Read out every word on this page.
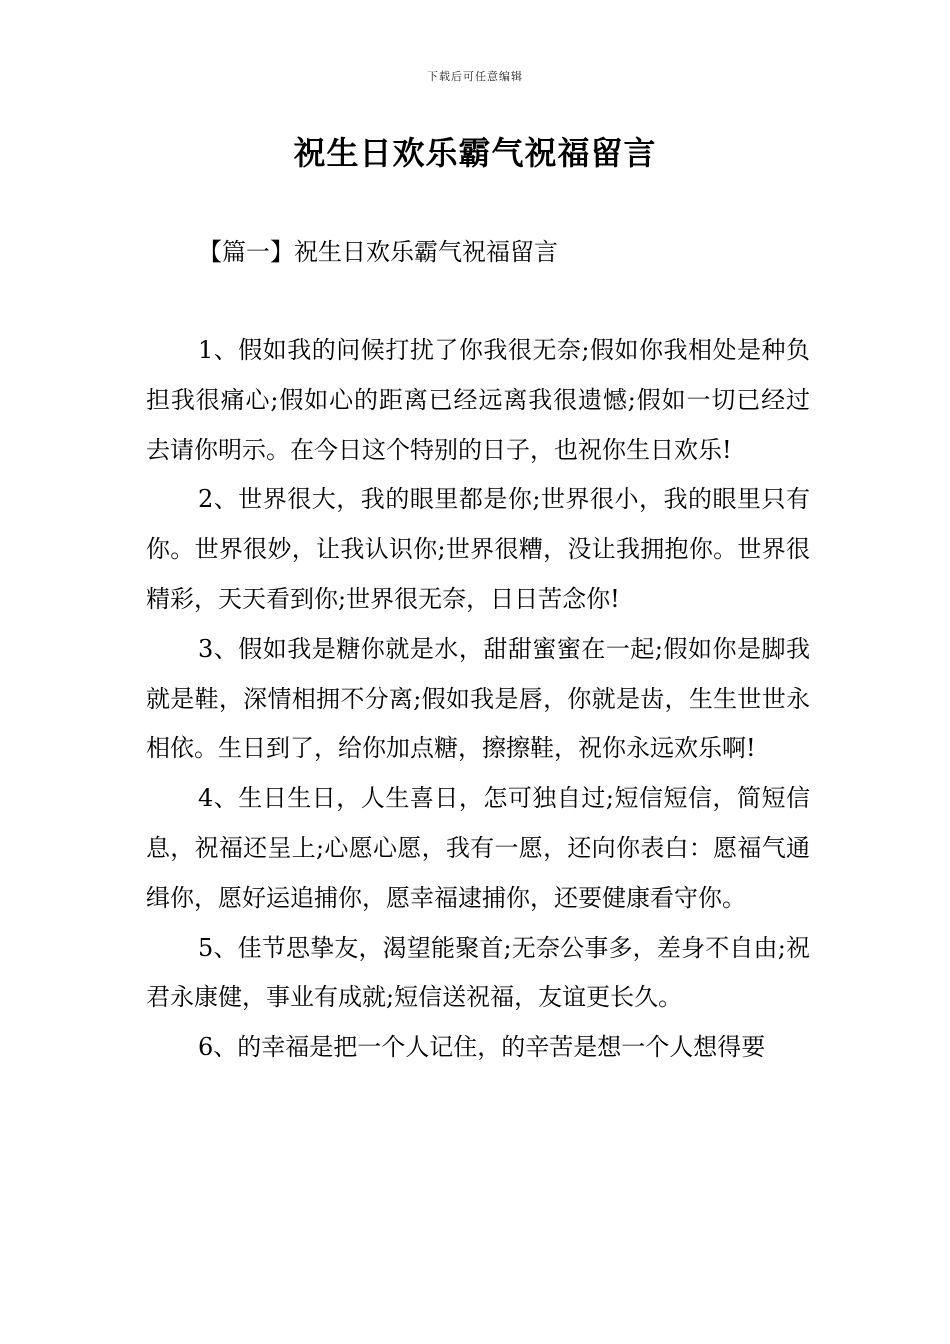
下载后可任意编辑
祝生日欢乐霸气祝福留言
【篇一】祝生日欢乐霸气祝福留言

1、假如我的问候打扰了你我很无奈;假如你我相处是种负担我很痛心;假如心的距离已经远离我很遗憾;假如一切已经过去请你明示。在今日这个特别的日子，也祝你生日欢乐!

2、世界很大，我的眼里都是你;世界很小，我的眼里只有你。世界很妙，让我认识你;世界很糟，没让我拥抱你。世界很精彩，天天看到你;世界很无奈，日日苦念你!

3、假如我是糖你就是水，甜甜蜜蜜在一起;假如你是脚我就是鞋，深情相拥不分离;假如我是唇，你就是齿，生生世世永相依。生日到了，给你加点糖，擦擦鞋，祝你永远欢乐啊!

4、生日生日，人生喜日，怎可独自过;短信短信，简短信息，祝福还呈上;心愿心愿，我有一愿，还向你表白：愿福气通缉你，愿好运追捕你，愿幸福逮捕你，还要健康看守你。

5、佳节思挚友，渴望能聚首;无奈公事多，差身不自由;祝君永康健，事业有成就;短信送祝福，友谊更长久。

6、的幸福是把一个人记住，的辛苦是想一个人想得要
